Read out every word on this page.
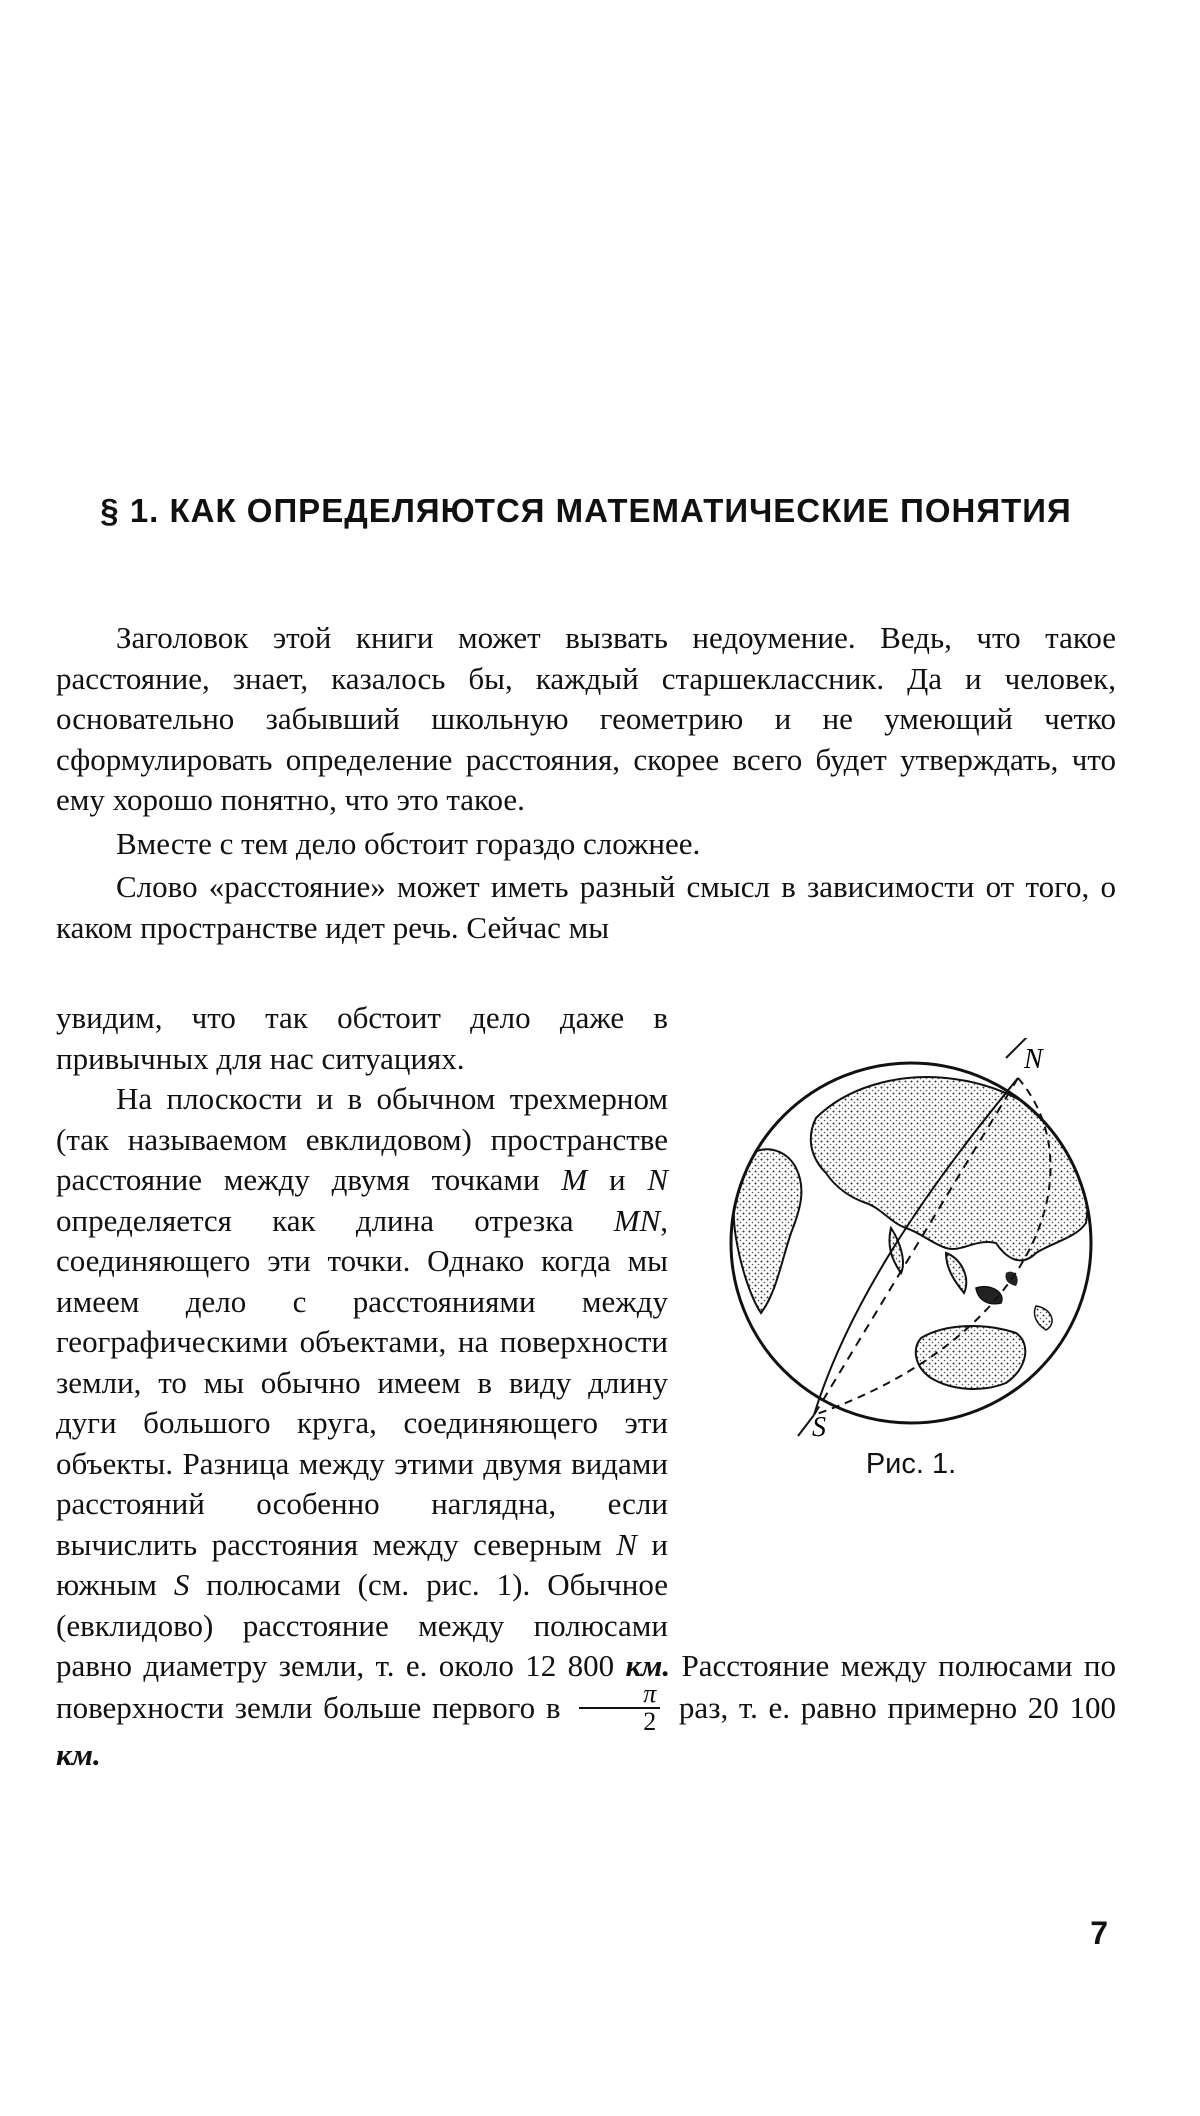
§ 1. КАК ОПРЕДЕЛЯЮТСЯ МАТЕМАТИЧЕСКИЕ ПОНЯТИЯ

Заголовок этой книги может вызвать недоумение. Ведь, что такое расстояние, знает, казалось бы, каждый старшеклассник. Да и человек, основательно забывший школьную геометрию и не умеющий четко сформулировать определение расстояния, скорее всего будет утверждать, что ему хорошо понятно, что это такое.

Вместе с тем дело обстоит гораздо сложнее.

Слово «расстояние» может иметь разный смысл в зависимости от того, о каком пространстве идет речь. Сейчас мы

N
S
Рис. 1.

увидим, что так обстоит дело даже в привычных для нас ситуациях.

На плоскости и в обычном трехмерном (так называемом евклидовом) пространстве расстояние между двумя точками M и N определяется как длина отрезка MN, соединяющего эти точки. Однако когда мы имеем дело с расстояниями между географическими объектами, на поверхности земли, то мы обычно имеем в виду длину дуги большого круга, соединяющего эти объекты. Разница между этими двумя видами расстояний особенно наглядна, если вычислить расстояния между северным N и южным S полюсами (см. рис. 1). Обычное (евклидово) расстояние между полюсами равно диаметру земли, т. е. около 12 800 км. Расстояние между полюсами по поверхности земли больше первого в $\frac{\pi}{2}$ раз, т. е. равно примерно 20 100 км.

7
